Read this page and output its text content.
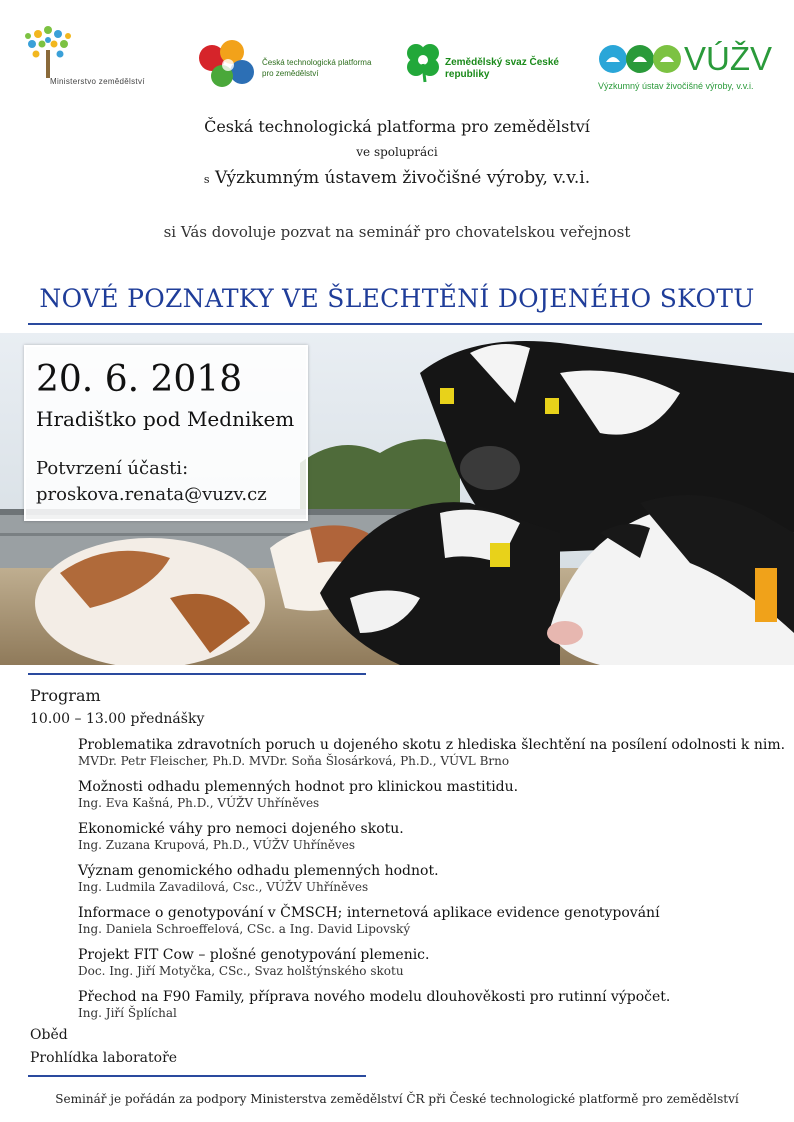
Ministerstvo zemědělství
Česká technologická platforma pro zemědělství
Zemědělský svaz České republiky	VÚŽV
Výzkumný ústav živočišné výroby, v.v.i.
Česká technologická platforma pro zemědělství
ve spolupráci
s Výzkumným ústavem živočišné výroby, v.v.i.
si Vás dovoluje pozvat na seminář pro chovatelskou veřejnost
NOVÉ POZNATKY VE ŠLECHTĚNÍ DOJENÉHO SKOTU
20. 6. 2018
Hradištko pod Mednikem
Potvrzení účasti:
proskova.renata@vuzv.cz
Program
10.00 – 13.00 přednášky
Problematika zdravotních poruch u dojeného skotu z hlediska šlechtění na posílení odolnosti k nim.
MVDr. Petr Fleischer, Ph.D. MVDr. Soňa Šlosárková, Ph.D., VÚVL Brno
Možnosti odhadu plemenných hodnot pro klinickou mastitidu.
Ing. Eva Kašná, Ph.D., VÚŽV Uhříněves
Ekonomické váhy pro nemoci dojeného skotu.
Ing. Zuzana Krupová, Ph.D., VÚŽV Uhříněves
Význam genomického odhadu plemenných hodnot.
Ing. Ludmila Zavadilová, Csc., VÚŽV Uhříněves
Informace o genotypování v ČMSCH; internetová aplikace evidence genotypování
Ing. Daniela Schroeffelová, CSc. a Ing. David Lipovský
Projekt FIT Cow – plošné genotypování plemenic.
Doc. Ing. Jiří Motyčka, CSc., Svaz holštýnského skotu
Přechod na F90 Family, příprava nového modelu dlouhověkosti pro rutinní výpočet.
Ing. Jiří Šplíchal
Oběd
Prohlídka laboratoře
Seminář je pořádán za podpory Ministerstva zemědělství ČR při České technologické platformě pro zemědělství
